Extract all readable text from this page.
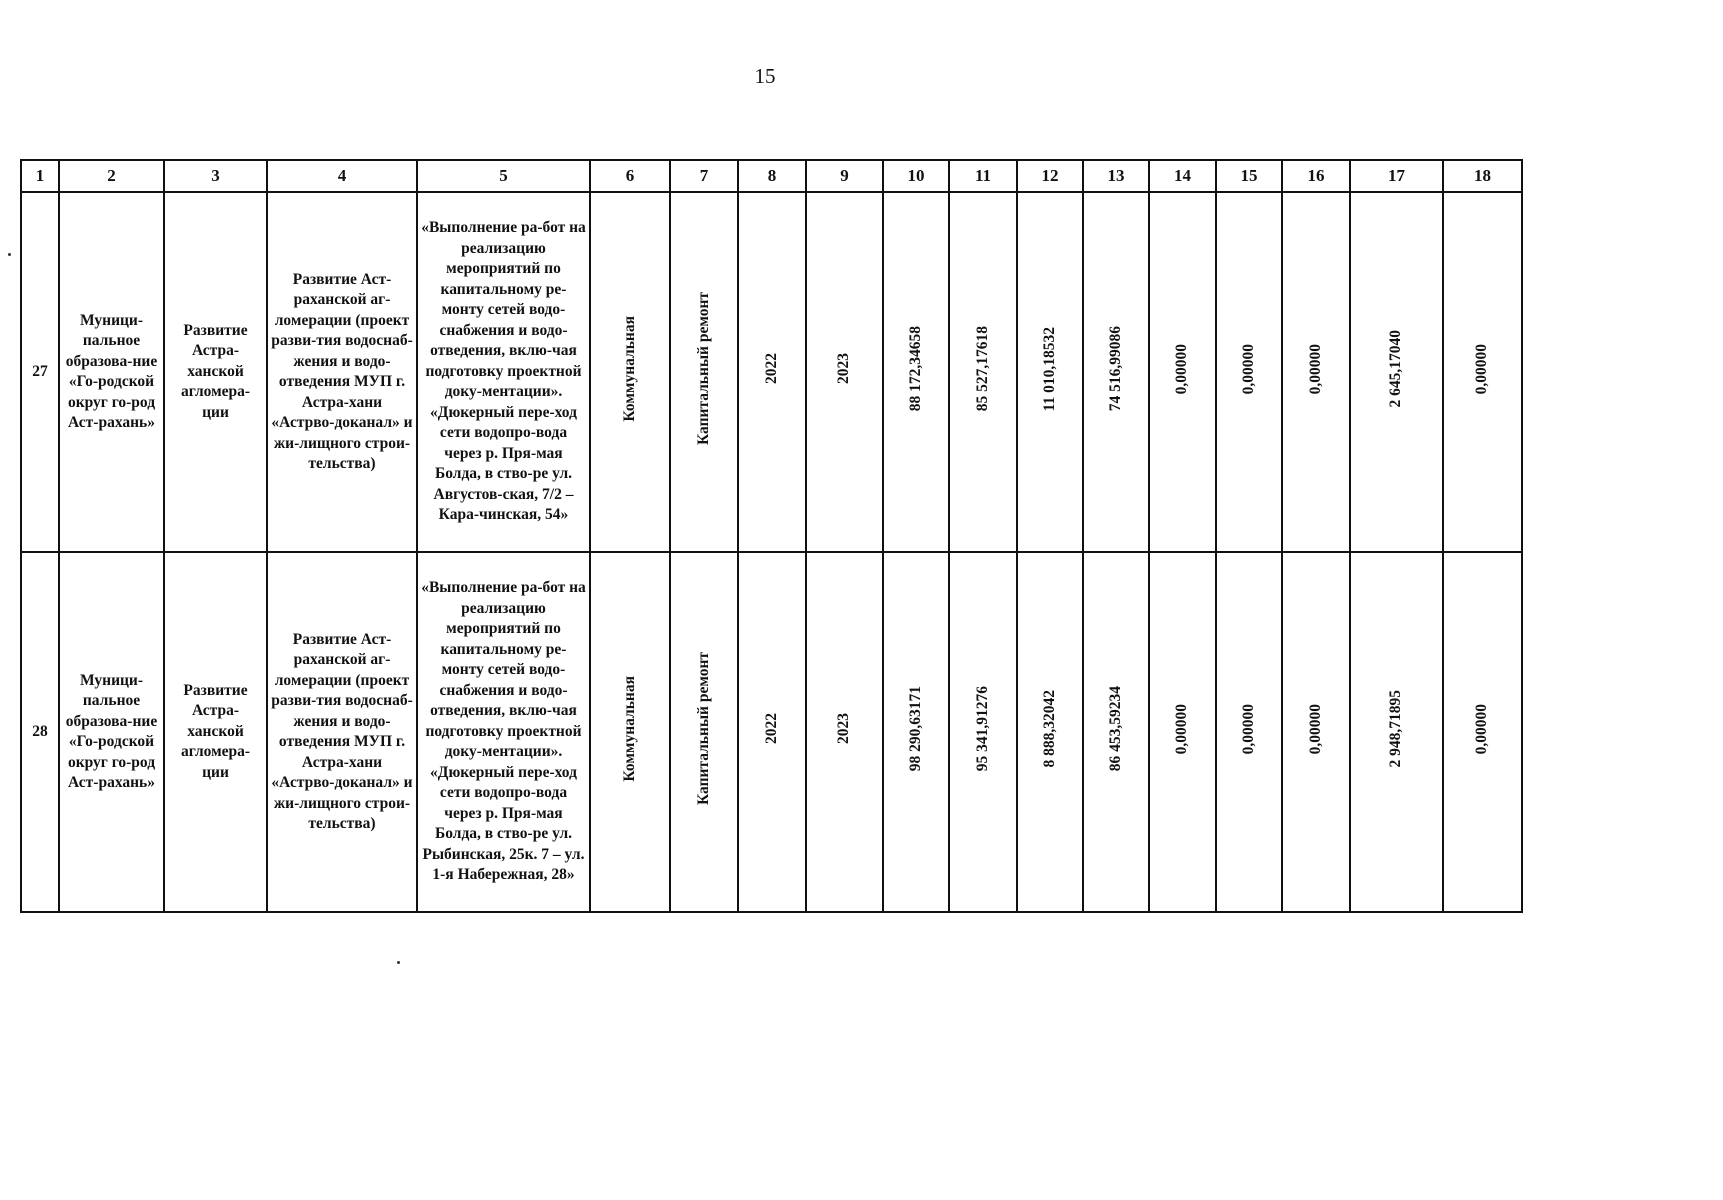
15
1	2	3	4	5	6	7	8	9	10	11	12	13	14	15	16	17	18
27	Муници-пальное образова-ние «Го-родской округ го-род Аст-рахань»	Развитие Астра-ханской агломера-ции	Развитие Аст-раханской аг-ломерации (проект разви-тия водоснаб-жения и водо-отведения МУП г. Астра-хани «Астрво-доканал» и жи-лищного строи-тельства)	«Выполнение ра-бот на реализацию мероприятий по капитальному ре-монту сетей водо-снабжения и водо-отведения, вклю-чая подготовку проектной доку-ментации». «Дюкерный пере-ход сети водопро-вода через р. Пря-мая Болда, в ство-ре ул. Августов-ская, 7/2 – Кара-чинская, 54»	Коммунальная	Капитальный ремонт	2022	2023	88 172,34658	85 527,17618	11 010,18532	74 516,99086	0,00000	0,00000	0,00000	2 645,17040	0,00000
28	Муници-пальное образова-ние «Го-родской округ го-род Аст-рахань»	Развитие Астра-ханской агломера-ции	Развитие Аст-раханской аг-ломерации (проект разви-тия водоснаб-жения и водо-отведения МУП г. Астра-хани «Астрво-доканал» и жи-лищного строи-тельства)	«Выполнение ра-бот на реализацию мероприятий по капитальному ре-монту сетей водо-снабжения и водо-отведения, вклю-чая подготовку проектной доку-ментации». «Дюкерный пере-ход сети водопро-вода через р. Пря-мая Болда, в ство-ре ул. Рыбинская, 25к. 7 – ул. 1-я Набережная, 28»	Коммунальная	Капитальный ремонт	2022	2023	98 290,63171	95 341,91276	8 888,32042	86 453,59234	0,00000	0,00000	0,00000	2 948,71895	0,00000
